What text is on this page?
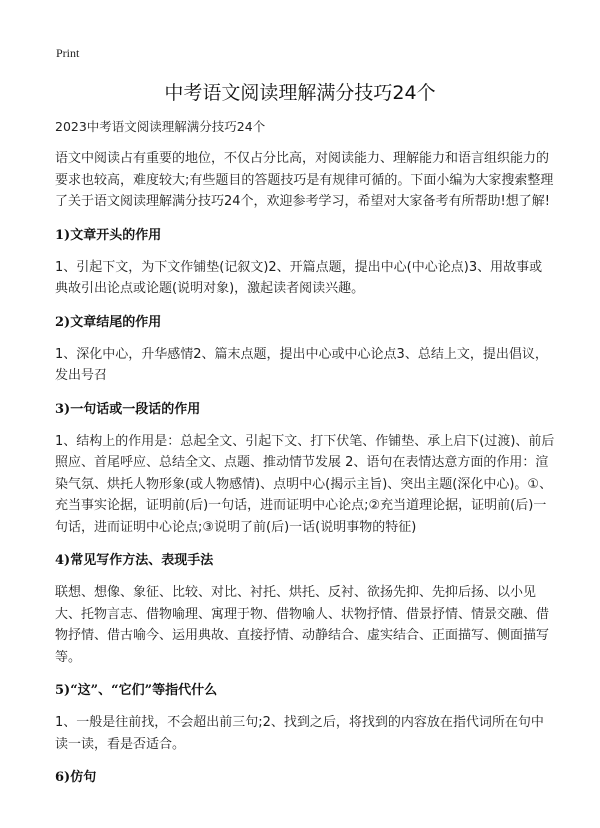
Print
中考语文阅读理解满分技巧24个

2023中考语文阅读理解满分技巧24个

语文中阅读占有重要的地位，不仅占分比高，对阅读能力、理解能力和语言组织能力的要求也较高，难度较大;有些题目的答题技巧是有规律可循的。下面小编为大家搜索整理了关于语文阅读理解满分技巧24个，欢迎参考学习，希望对大家备考有所帮助!想了解!

1)文章开头的作用

1、引起下文，为下文作铺垫(记叙文)2、开篇点题，提出中心(中心论点)3、用故事或典故引出论点或论题(说明对象)，激起读者阅读兴趣。

2)文章结尾的作用

1、深化中心，升华感情2、篇末点题，提出中心或中心论点3、总结上文，提出倡议，发出号召

3)一句话或一段话的作用

1、结构上的作用是：总起全文、引起下文、打下伏笔、作铺垫、承上启下(过渡)、前后照应、首尾呼应、总结全文、点题、推动情节发展 2、语句在表情达意方面的作用：渲染气氛、烘托人物形象(或人物感情)、点明中心(揭示主旨)、突出主题(深化中心)。①、充当事实论据，证明前(后)一句话，进而证明中心论点;②充当道理论据，证明前(后)一句话，进而证明中心论点;③说明了前(后)一话(说明事物的特征)

4)常见写作方法、表现手法

联想、想像、象征、比较、对比、衬托、烘托、反衬、欲扬先抑、先抑后扬、以小见大、托物言志、借物喻理、寓理于物、借物喻人、状物抒情、借景抒情、情景交融、借物抒情、借古喻今、运用典故、直接抒情、动静结合、虚实结合、正面描写、侧面描写等。

5)“这”、“它们”等指代什么

1、一般是往前找，不会超出前三句;2、找到之后，将找到的内容放在指代词所在句中读一读，看是否适合。

6)仿句
